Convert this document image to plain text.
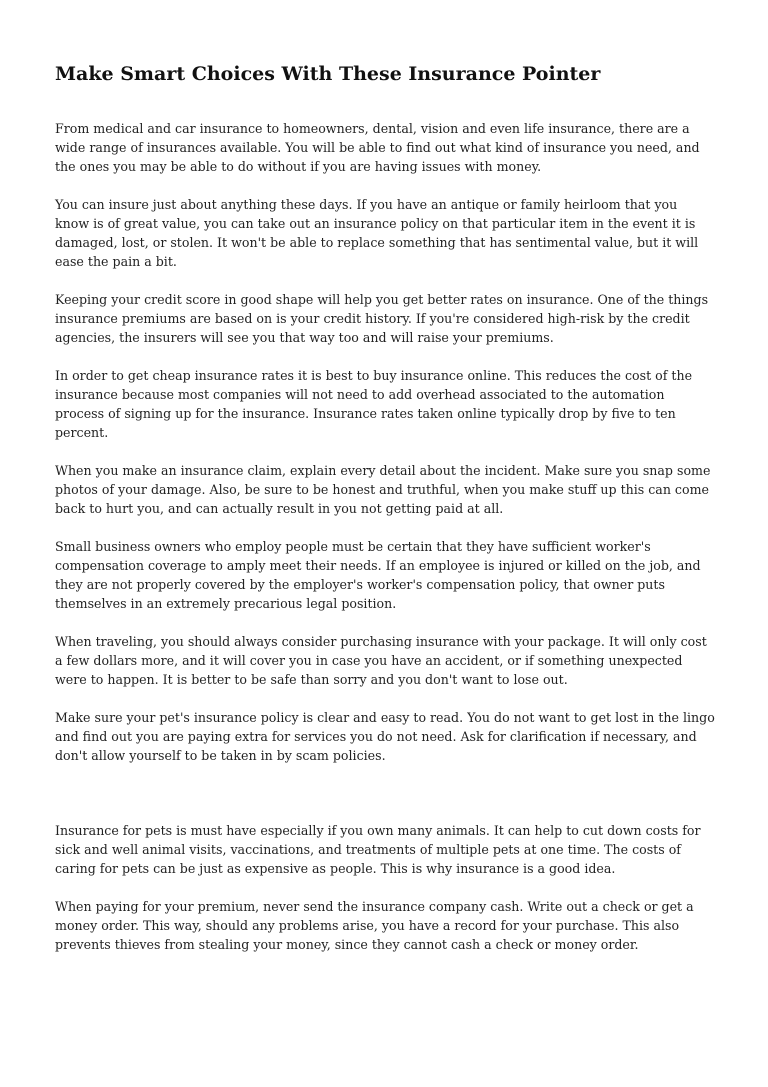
Make Smart Choices With These Insurance Pointer

From medical and car insurance to homeowners, dental, vision and even life insurance, there are a wide range of insurances available. You will be able to find out what kind of insurance you need, and the ones you may be able to do without if you are having issues with money.

You can insure just about anything these days. If you have an antique or family heirloom that you know is of great value, you can take out an insurance policy on that particular item in the event it is damaged, lost, or stolen. It won't be able to replace something that has sentimental value, but it will ease the pain a bit.

Keeping your credit score in good shape will help you get better rates on insurance. One of the things insurance premiums are based on is your credit history. If you're considered high-risk by the credit agencies, the insurers will see you that way too and will raise your premiums.

In order to get cheap insurance rates it is best to buy insurance online. This reduces the cost of the insurance because most companies will not need to add overhead associated to the automation process of signing up for the insurance. Insurance rates taken online typically drop by five to ten percent.

When you make an insurance claim, explain every detail about the incident. Make sure you snap some photos of your damage. Also, be sure to be honest and truthful, when you make stuff up this can come back to hurt you, and can actually result in you not getting paid at all.

Small business owners who employ people must be certain that they have sufficient worker's compensation coverage to amply meet their needs. If an employee is injured or killed on the job, and they are not properly covered by the employer's worker's compensation policy, that owner puts themselves in an extremely precarious legal position.

When traveling, you should always consider purchasing insurance with your package. It will only cost a few dollars more, and it will cover you in case you have an accident, or if something unexpected were to happen. It is better to be safe than sorry and you don't want to lose out.

Make sure your pet's insurance policy is clear and easy to read. You do not want to get lost in the lingo and find out you are paying extra for services you do not need. Ask for clarification if necessary, and don't allow yourself to be taken in by scam policies.

Insurance for pets is must have especially if you own many animals. It can help to cut down costs for sick and well animal visits, vaccinations, and treatments of multiple pets at one time. The costs of caring for pets can be just as expensive as people. This is why insurance is a good idea.

When paying for your premium, never send the insurance company cash. Write out a check or get a money order. This way, should any problems arise, you have a record for your purchase. This also prevents thieves from stealing your money, since they cannot cash a check or money order.
